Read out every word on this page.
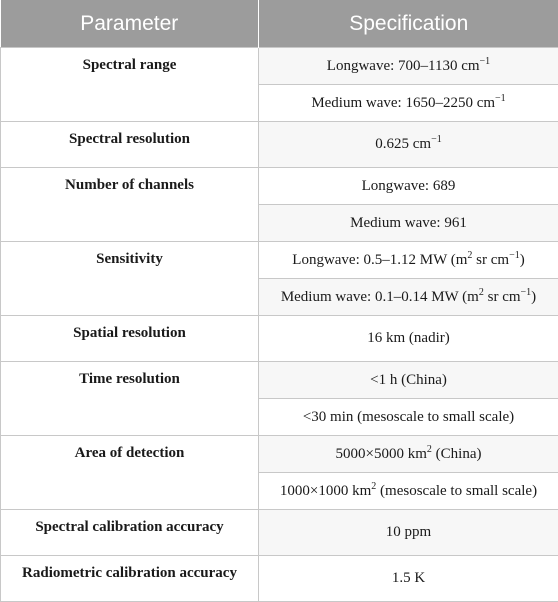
Parameter	Specification
Spectral range	Longwave: 700–1130 $cm^{-1}$
	Medium wave: 1650–2250 $cm^{-1}$
Spectral resolution	0.625 $cm^{-1}$
Number of channels	Longwave: 689
	Medium wave: 961
Sensitivity	Longwave: 0.5–1.12 MW ($m^2$ sr $cm^{-1}$)
	Medium wave: 0.1–0.14 MW ($m^2$ sr $cm^{-1}$)
Spatial resolution	16 km (nadir)
Time resolution	<1 h (China)
	<30 min (mesoscale to small scale)
Area of detection	5000×5000 $km^2$ (China)
	1000×1000 $km^2$ (mesoscale to small scale)
Spectral calibration accuracy	10 ppm
Radiometric calibration accuracy	1.5 K
